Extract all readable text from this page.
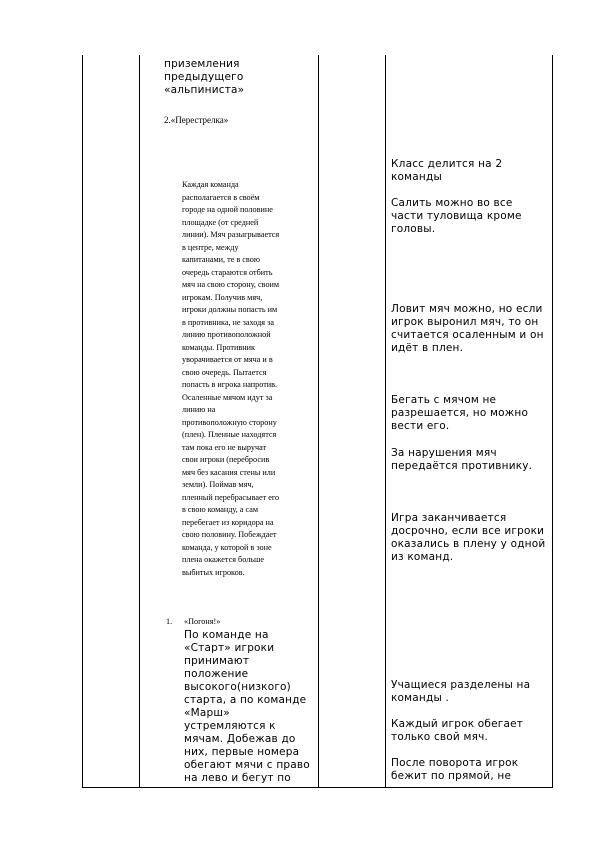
приземления
предыдущего
«альпиниста»

2.«Перестрелка»

Каждая команда
располагается в своём
городе на одной половине
площадке (от средней
линии). Мяч разыгрывается
в центре, между
капитанами, те в свою
очередь стараются отбить
мяч на свою сторону, своим
игрокам. Получив мяч,
игроки должны попасть им
в противника, не заходя за
линию противоположной
команды. Противник
уворачивается от мяча и в
свою очередь. Пытается
попасть в игрока напротив.
Осаленные мячом идут за
линию на
противоположную сторону
(плен). Пленные находятся
там пока его не выручат
свои игроки (перебросив
мяч без касания стены или
земли). Поймав мяч,
пленный перебрасывает его
в свою команду, а сам
перебегает из коридора на
свою половину. Побеждает
команда, у которой в зоне
плена окажется больше
выбитых игроков.

1. «Погоня!»

По команде на
«Старт» игроки
принимают
положение
высокого(низкого)
старта, а по команде
«Марш»
устремляются к
мячам. Добежав до
них, первые номера
обегают мячи с право
на лево и бегут по

Класс делится на 2
команды

Салить можно во все
части туловища кроме
головы.

Ловит мяч можно, но если
игрок выронил мяч, то он
считается осаленным и он
идёт в плен.

Бегать с мячом не
разрешается, но можно
вести его.

За нарушения мяч
передаётся противнику.

Игра заканчивается
досрочно, если все игроки
оказались в плену у одной
из команд.

Учащиеся разделены на
команды .

Каждый игрок обегает
только свой мяч.

После поворота игрок
бежит по прямой, не
